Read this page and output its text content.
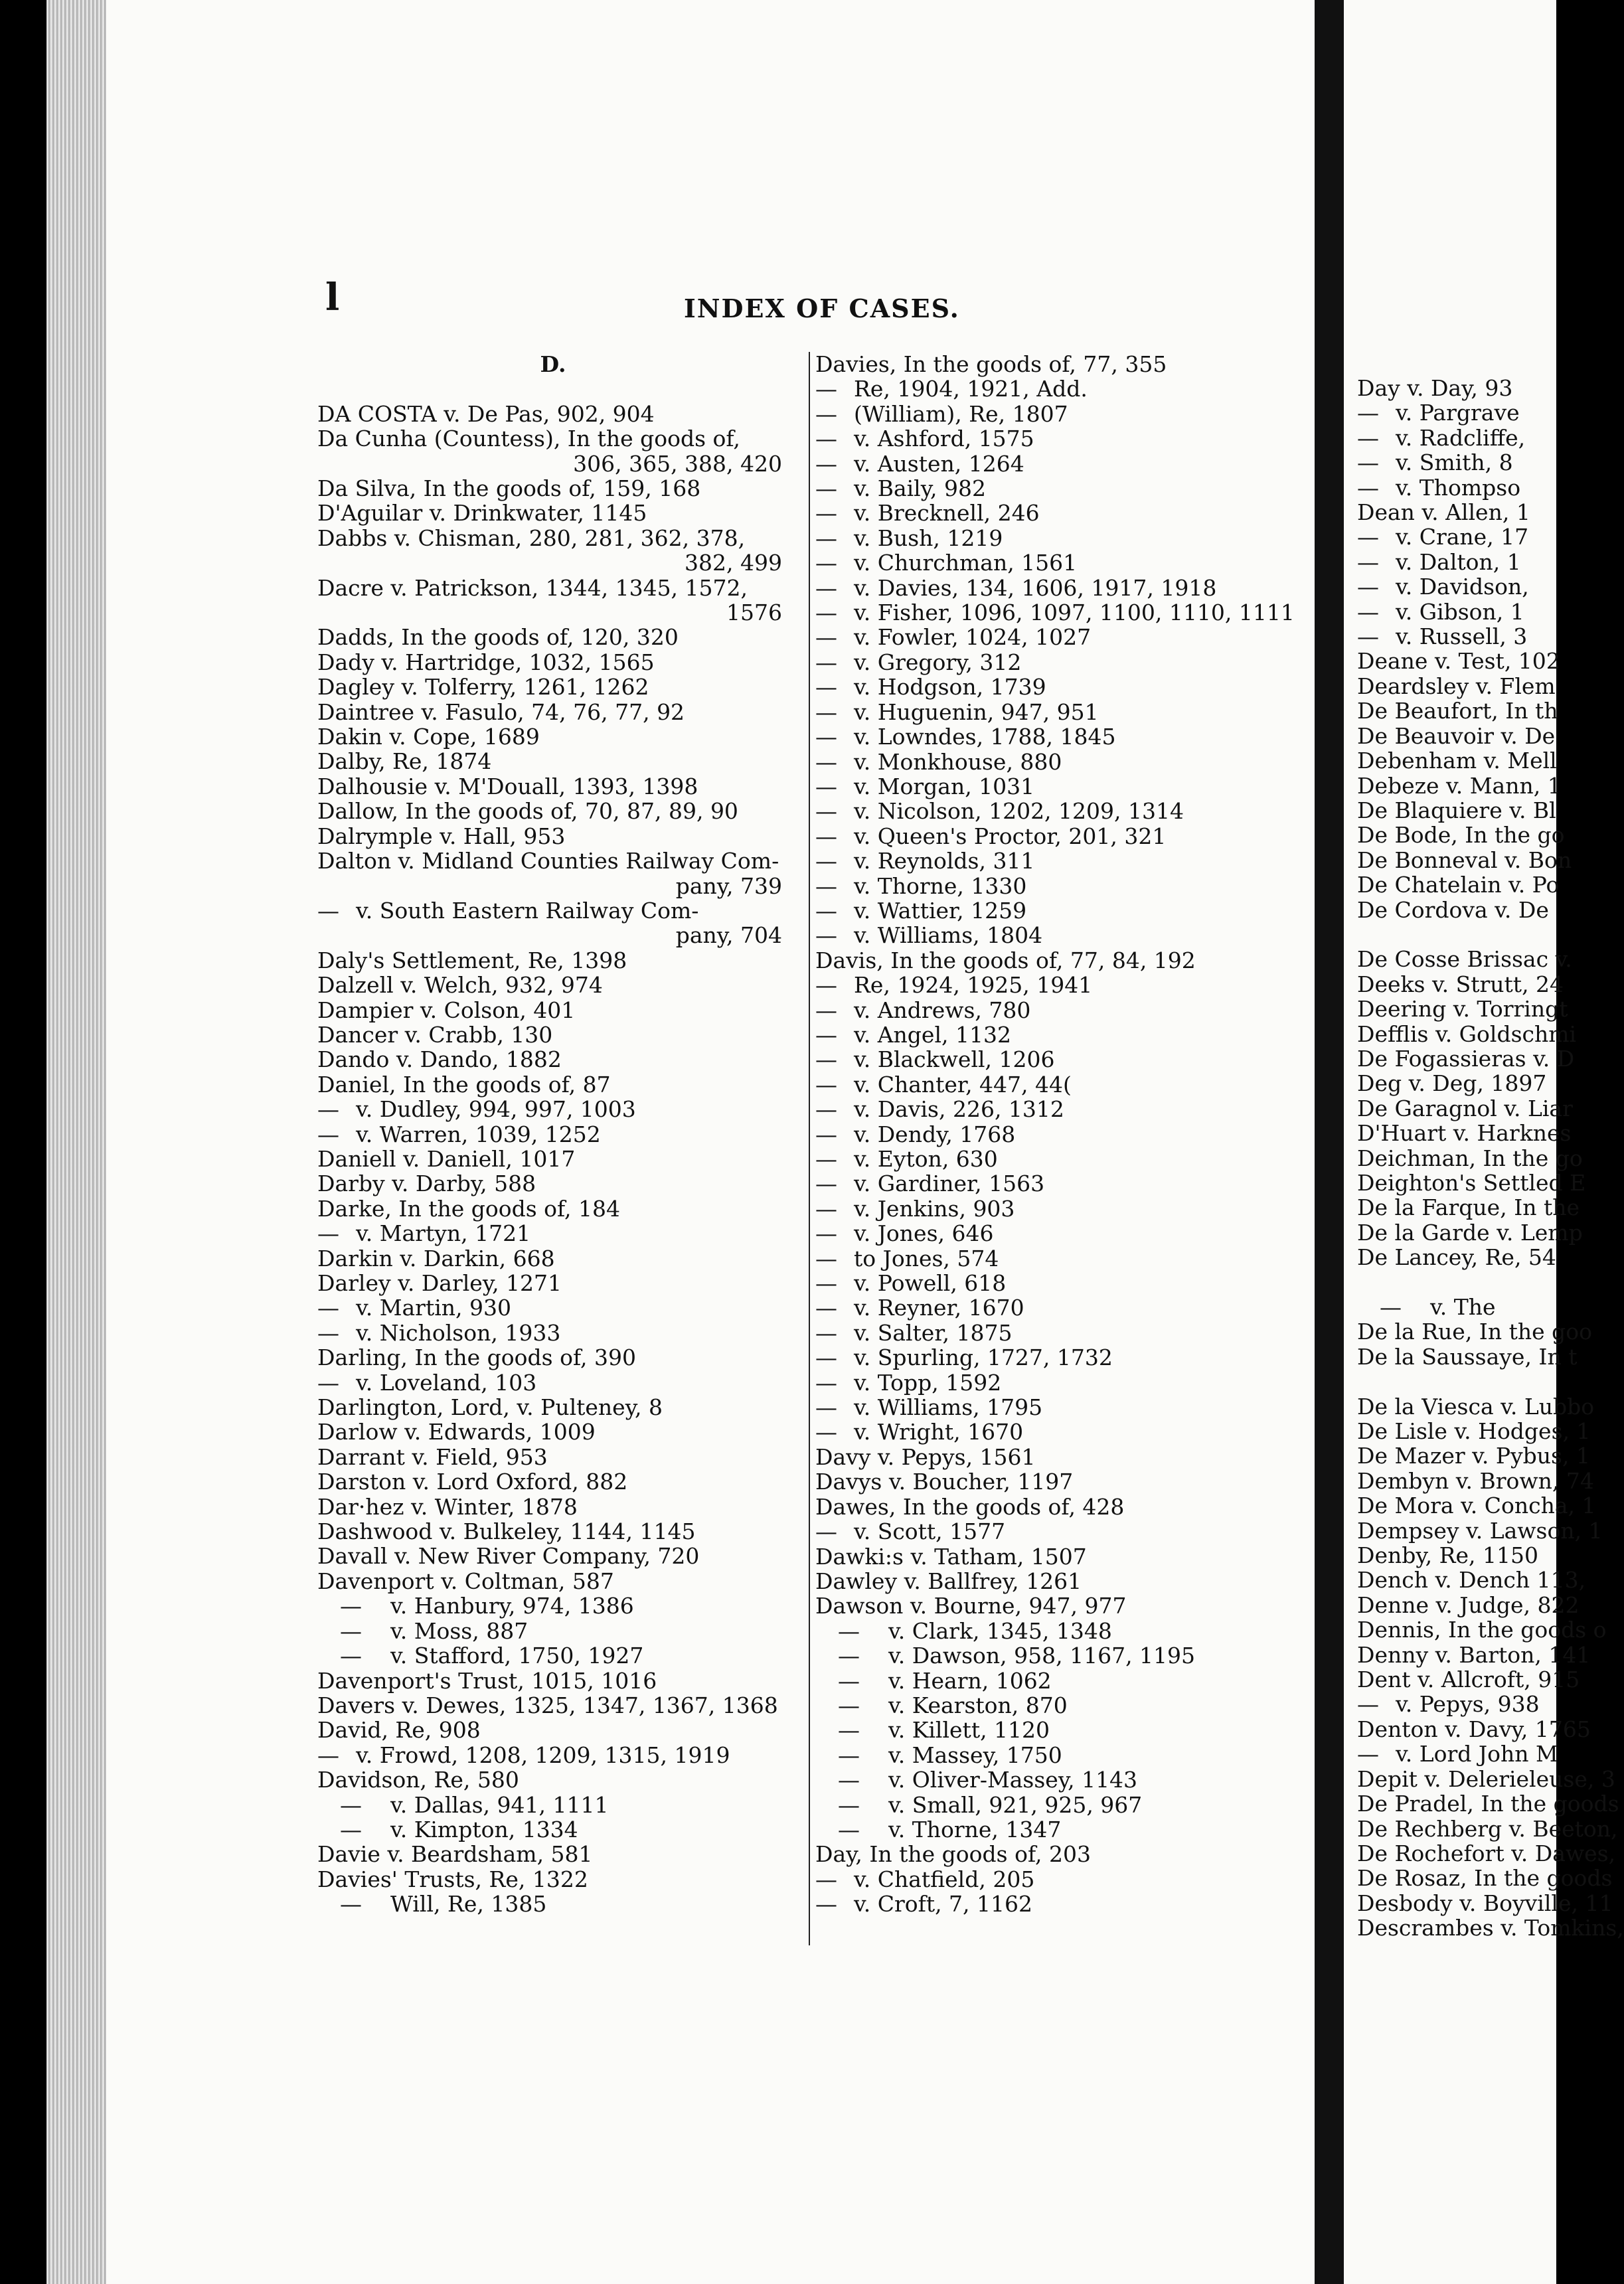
l	INDEX OF CASES.
D.
DA COSTA v. De Pas, 902, 904
Da Cunha (Countess), In the goods of,
306, 365, 388, 420
Da Silva, In the goods of, 159, 168
D'Aguilar v. Drinkwater, 1145
Dabbs v. Chisman, 280, 281, 362, 378,
382, 499
Dacre v. Patrickson, 1344, 1345, 1572,
1576
Dadds, In the goods of, 120, 320
Dady v. Hartridge, 1032, 1565
Dagley v. Tolferry, 1261, 1262
Daintree v. Fasulo, 74, 76, 77, 92
Dakin v. Cope, 1689
Dalby, Re, 1874
Dalhousie v. M'Douall, 1393, 1398
Dallow, In the goods of, 70, 87, 89, 90
Dalrymple v. Hall, 953
Dalton v. Midland Counties Railway Com-
pany, 739
— v. South Eastern Railway Com-
pany, 704
Daly's Settlement, Re, 1398
Dalzell v. Welch, 932, 974
Dampier v. Colson, 401
Dancer v. Crabb, 130
Dando v. Dando, 1882
Daniel, In the goods of, 87
— v. Dudley, 994, 997, 1003
— v. Warren, 1039, 1252
Daniell v. Daniell, 1017
Darby v. Darby, 588
Darke, In the goods of, 184
— v. Martyn, 1721
Darkin v. Darkin, 668
Darley v. Darley, 1271
— v. Martin, 930
— v. Nicholson, 1933
Darling, In the goods of, 390
— v. Loveland, 103
Darlington, Lord, v. Pulteney, 8
Darlow v. Edwards, 1009
Darrant v. Field, 953
Darston v. Lord Oxford, 882
Dar·hez v. Winter, 1878
Dashwood v. Bulkeley, 1144, 1145
Davall v. New River Company, 720
Davenport v. Coltman, 587
— v. Hanbury, 974, 1386
— v. Moss, 887
— v. Stafford, 1750, 1927
Davenport's Trust, 1015, 1016
Davers v. Dewes, 1325, 1347, 1367, 1368
David, Re, 908
— v. Frowd, 1208, 1209, 1315, 1919
Davidson, Re, 580
— v. Dallas, 941, 1111
— v. Kimpton, 1334
Davie v. Beardsham, 581
Davies' Trusts, Re, 1322
— Will, Re, 1385
Davies, In the goods of, 77, 355
— Re, 1904, 1921, Add.
— (William), Re, 1807
— v. Ashford, 1575
— v. Austen, 1264
— v. Baily, 982
— v. Brecknell, 246
— v. Bush, 1219
— v. Churchman, 1561
— v. Davies, 134, 1606, 1917, 1918
— v. Fisher, 1096, 1097, 1100, 1110, 1111
— v. Fowler, 1024, 1027
— v. Gregory, 312
— v. Hodgson, 1739
— v. Huguenin, 947, 951
— v. Lowndes, 1788, 1845
— v. Monkhouse, 880
— v. Morgan, 1031
— v. Nicolson, 1202, 1209, 1314
— v. Queen's Proctor, 201, 321
— v. Reynolds, 311
— v. Thorne, 1330
— v. Wattier, 1259
— v. Williams, 1804
Davis, In the goods of, 77, 84, 192
— Re, 1924, 1925, 1941
— v. Andrews, 780
— v. Angel, 1132
— v. Blackwell, 1206
— v. Chanter, 447, 44(
— v. Davis, 226, 1312
— v. Dendy, 1768
— v. Eyton, 630
— v. Gardiner, 1563
— v. Jenkins, 903
— v. Jones, 646
— to Jones, 574
— v. Powell, 618
— v. Reyner, 1670
— v. Salter, 1875
— v. Spurling, 1727, 1732
— v. Topp, 1592
— v. Williams, 1795
— v. Wright, 1670
Davy v. Pepys, 1561
Davys v. Boucher, 1197
Dawes, In the goods of, 428
— v. Scott, 1577
Dawki:s v. Tatham, 1507
Dawley v. Ballfrey, 1261
Dawson v. Bourne, 947, 977
— v. Clark, 1345, 1348
— v. Dawson, 958, 1167, 1195
— v. Hearn, 1062
— v. Kearston, 870
— v. Killett, 1120
— v. Massey, 1750
— v. Oliver-Massey, 1143
— v. Small, 921, 925, 967
— v. Thorne, 1347
Day, In the goods of, 203
— v. Chatfield, 205
— v. Croft, 7, 1162
Day v. Day, 93
— v. Pargrave
— v. Radcliffe,
— v. Smith, 8
— v. Thompso
Dean v. Allen, 1
— v. Crane, 17
— v. Dalton, 1
— v. Davidson,
— v. Gibson, 1
— v. Russell, 3
Deane v. Test, 102
Deardsley v. Flem
De Beaufort, In th
De Beauvoir v. De
Debenham v. Mell
Debeze v. Mann, 1
De Blaquiere v. Bl
De Bode, In the go
De Bonneval v. Bon
De Chatelain v. Po
De Cordova v. De
De Cosse Brissac v.
Deeks v. Strutt, 24
Deering v. Torringt
Defflis v. Goldschmi
De Fogassieras v. D
Deg v. Deg, 1897
De Garagnol v. Liar
D'Huart v. Harknes
Deichman, In the go
Deighton's Settled E
De la Farque, In the
De la Garde v. Lemp
De Lancey, Re, 54
— v. The
De la Rue, In the goo
De la Saussaye, In t
De la Viesca v. Lubbo
De Lisle v. Hodges, 1
De Mazer v. Pybus, 1
Dembyn v. Brown, 74
De Mora v. Concha, 1
Dempsey v. Lawson, 1
Denby, Re, 1150
Dench v. Dench 113,
Denne v. Judge, 822
Dennis, In the goods o
Denny v. Barton, 141
Dent v. Allcroft, 915
— v. Pepys, 938
Denton v. Davy, 1765
— v. Lord John M
Depit v. Delerieleuse, 3
De Pradel, In the goods
De Rechberg v. Beeton,
De Rochefort v. Dawes,
De Rosaz, In the goods
Desbody v. Boyville, 11
Descrambes v. Tomkins,
